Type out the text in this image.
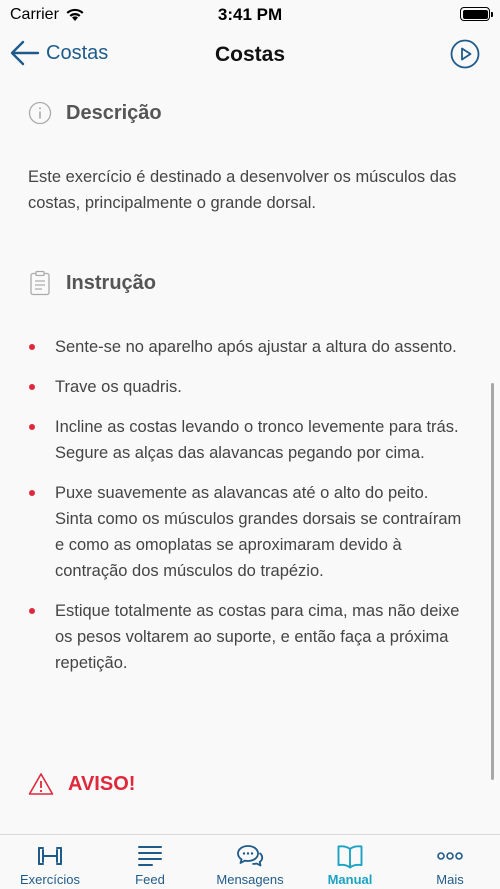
Carrier	3:41 PM
Costas	Costas
Descrição
Este exercício é destinado a desenvolver os músculos das costas, principalmente o grande dorsal.
Instrução
Sente-se no aparelho após ajustar a altura do assento.
Trave os quadris.
Incline as costas levando o tronco levemente para trás. Segure as alças das alavancas pegando por cima.
Puxe suavemente as alavancas até o alto do peito. Sinta como os músculos grandes dorsais se contraíram e como as omoplatas se aproximaram devido à contração dos músculos do trapézio.
Estique totalmente as costas para cima, mas não deixe os pesos voltarem ao suporte, e então faça a próxima repetição.
AVISO!
Exercícios	Feed	Mensagens	Manual	Mais
